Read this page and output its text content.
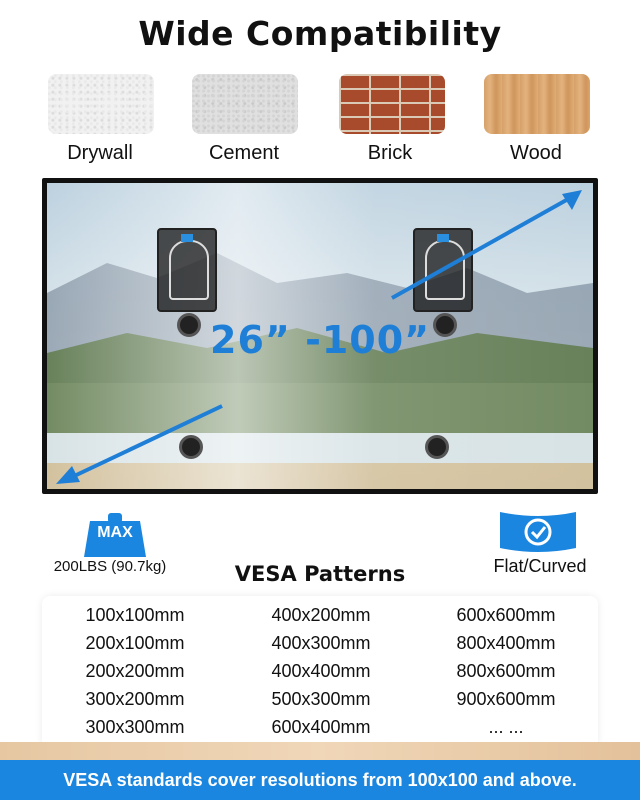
Wide Compatibility
Drywall	Cement	Brick	Wood
26” -100”
MAX
200LBS (90.7kg)	Flat/Curved
VESA Patterns
100x100mm	400x200mm	600x600mm
200x100mm	400x300mm	800x400mm
200x200mm	400x400mm	800x600mm
300x200mm	500x300mm	900x600mm
300x300mm	600x400mm	... ...
VESA standards cover resolutions from 100x100 and above.
